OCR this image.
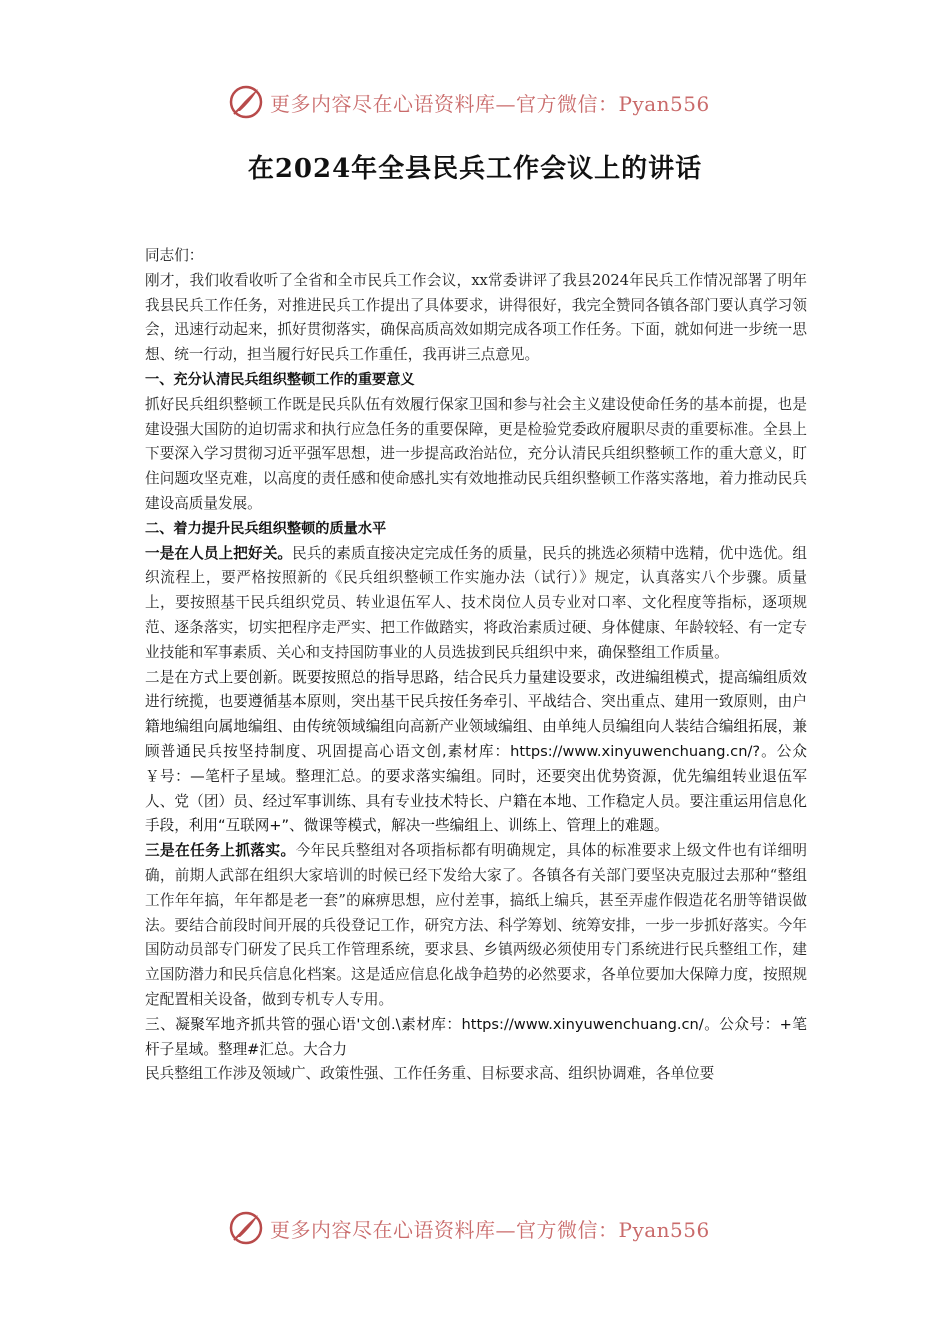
更多内容尽在心语资料库—官方微信：Pyan556
在2024年全县民兵工作会议上的讲话

同志们：

刚才，我们收看收听了全省和全市民兵工作会议，xx常委讲评了我县2024年民兵工作情况部署了明年我县民兵工作任务，对推进民兵工作提出了具体要求，讲得很好，我完全赞同各镇各部门要认真学习领会，迅速行动起来，抓好贯彻落实，确保高质高效如期完成各项工作任务。下面，就如何进一步统一思想、统一行动，担当履行好民兵工作重任，我再讲三点意见。

一、充分认清民兵组织整顿工作的重要意义

抓好民兵组织整顿工作既是民兵队伍有效履行保家卫国和参与社会主义建设使命任务的基本前提，也是建设强大国防的迫切需求和执行应急任务的重要保障，更是检验党委政府履职尽责的重要标准。全县上下要深入学习贯彻习近平强军思想，进一步提高政治站位，充分认清民兵组织整顿工作的重大意义，盯住问题攻坚克难，以高度的责任感和使命感扎实有效地推动民兵组织整顿工作落实落地，着力推动民兵建设高质量发展。

二、着力提升民兵组织整顿的质量水平

一是在人员上把好关。民兵的素质直接决定完成任务的质量，民兵的挑选必须精中选精，优中选优。组织流程上，要严格按照新的《民兵组织整顿工作实施办法（试行）》规定，认真落实八个步骤。质量上，要按照基干民兵组织党员、转业退伍军人、技术岗位人员专业对口率、文化程度等指标，逐项规范、逐条落实，切实把程序走严实、把工作做踏实，将政治素质过硬、身体健康、年龄较轻、有一定专业技能和军事素质、关心和支持国防事业的人员选拔到民兵组织中来，确保整组工作质量。

二是在方式上要创新。既要按照总的指导思路，结合民兵力量建设要求，改进编组模式，提高编组质效进行统揽，也要遵循基本原则，突出基干民兵按任务牵引、平战结合、突出重点、建用一致原则，由户籍地编组向属地编组、由传统领域编组向高新产业领域编组、由单纯人员编组向人装结合编组拓展，兼顾普通民兵按坚持制度、巩固提高心语文创,素材库：https://www.xinyuwenchuang.cn/?。公众￥号：—笔杆子星域。整理汇总。的要求落实编组。同时，还要突出优势资源，优先编组转业退伍军人、党（团）员、经过军事训练、具有专业技术特长、户籍在本地、工作稳定人员。要注重运用信息化手段，利用“互联网+”、微课等模式，解决一些编组上、训练上、管理上的难题。

三是在任务上抓落实。今年民兵整组对各项指标都有明确规定，具体的标准要求上级文件也有详细明确，前期人武部在组织大家培训的时候已经下发给大家了。各镇各有关部门要坚决克服过去那种“整组工作年年搞，年年都是老一套”的麻痹思想，应付差事，搞纸上编兵，甚至弄虚作假造花名册等错误做法。要结合前段时间开展的兵役登记工作，研究方法、科学筹划、统筹安排，一步一步抓好落实。今年国防动员部专门研发了民兵工作管理系统，要求县、乡镇两级必须使用专门系统进行民兵整组工作，建立国防潜力和民兵信息化档案。这是适应信息化战争趋势的必然要求，各单位要加大保障力度，按照规定配置相关设备，做到专机专人专用。

三、凝聚军地齐抓共管的强心语'文创.\素材库：https://www.xinyuwenchuang.cn/。公众号：+笔杆子星域。整理#汇总。大合力

民兵整组工作涉及领域广、政策性强、工作任务重、目标要求高、组织协调难，各单位要

更多内容尽在心语资料库—官方微信：Pyan556
